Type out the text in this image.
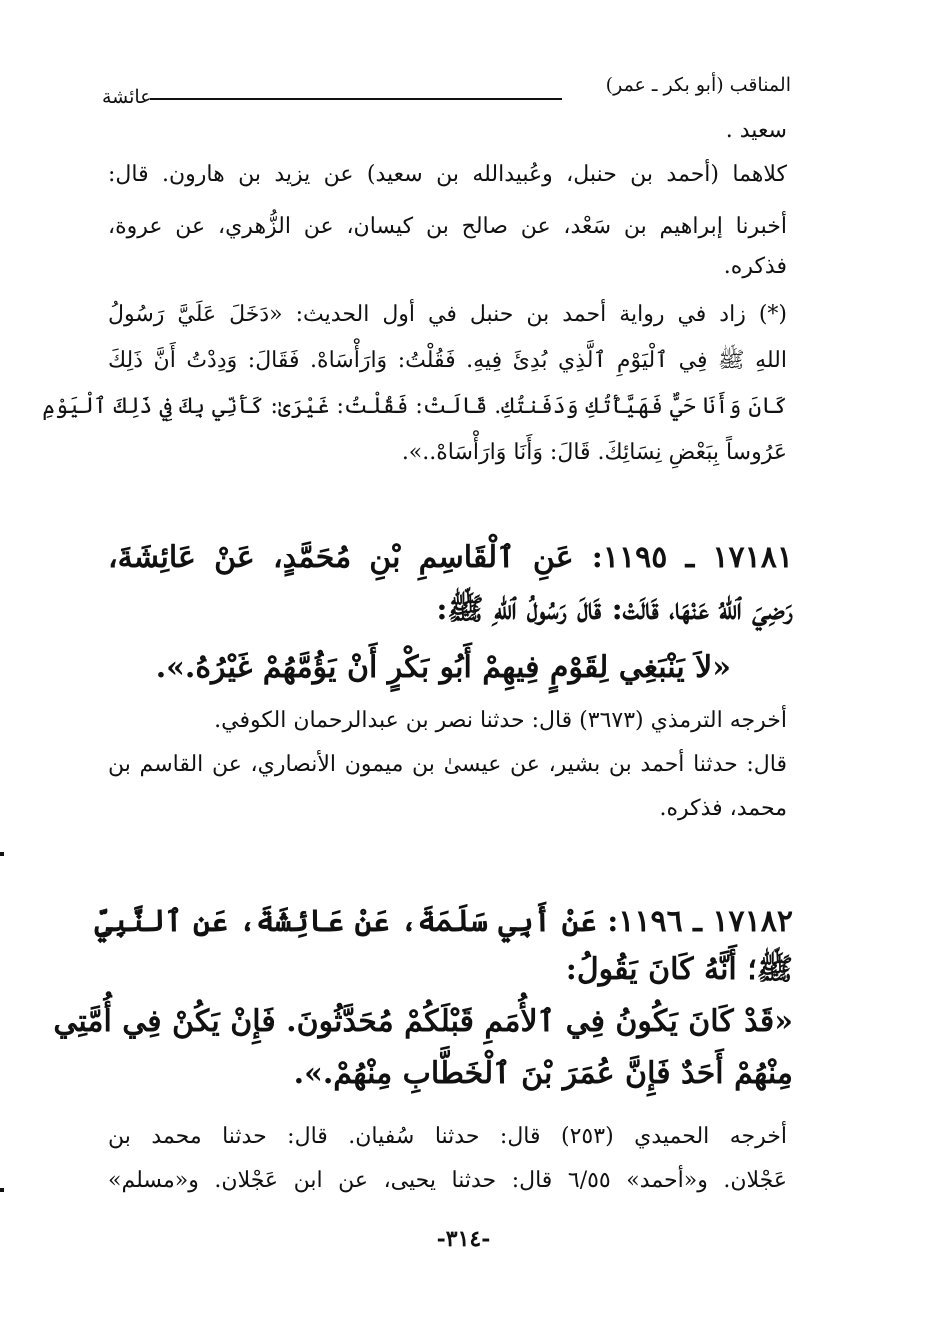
المناقب (أبو بكر ـ عمر)
عائشة
سعيد .
كلاهما (أحمد بن حنبل، وعُبيدالله بن سعيد) عن يزيد بن هارون. قال:
أخبرنا إبراهيم بن سَعْد، عن صالح بن كيسان، عن الزُّهري، عن عروة،
فذكره.
(*) زاد في رواية أحمد بن حنبل في أول الحديث: «دَخَلَ عَلَيَّ رَسُولُ
اللهِ ﷺ فِي ٱلْيَوْمِ ٱلَّذِي بُدِئَ فِيهِ. فَقُلْتُ: وَارَأْسَاهْ. فَقَالَ: وَدِدْتُ أَنَّ ذَلِكَ
كَانَ وَأَنَا حَيٌّ فَهَيَّأْتُكِ وَدَفَنتُكِ. قَالَتْ: فَقُلْتُ: غَيْرَىٰ: كَأَنِّي بِكَ فِي ذَلِكَ ٱلْيَوْمِ
عَرُوساً بِبَعْضِ نِسَائِكَ. قَالَ: وَأَنَا وَارَأْسَاهْ..».
١٧١٨١ ـ ١١٩٥: عَنِ ٱلْقَاسِمِ بْنِ مُحَمَّدٍ، عَنْ عَائِشَةَ،
رَضِيَ ٱللهُ عَنْهَا، قَالَتْ: قَالَ رَسُولُ ٱللهِ ﷺ:
«لاَ يَنْبَغِي لِقَوْمٍ فِيهِمْ أَبُو بَكْرٍ أَنْ يَؤُمَّهُمْ غَيْرُهُ.».
أخرجه الترمذي (٣٦٧٣) قال: حدثنا نصر بن عبدالرحمان الكوفي.
قال: حدثنا أحمد بن بشير، عن عيسىٰ بن ميمون الأنصاري، عن القاسم بن
محمد، فذكره.
١٧١٨٢ ـ ١١٩٦: عَنْ أَبِي سَلَمَةَ، عَنْ عَائِشَةَ، عَنِ ٱلنَّبِيِّ
ﷺ؛ أَنَّهُ كَانَ يَقُولُ:
«قَدْ كَانَ يَكُونُ فِي ٱلأُمَمِ قَبْلَكُمْ مُحَدَّثُونَ. فَإِنْ يَكُنْ فِي أُمَّتِي
مِنْهُمْ أَحَدٌ فَإِنَّ عُمَرَ بْنَ ٱلْخَطَّابِ مِنْهُمْ.».
أخرجه الحميدي (٢٥٣) قال: حدثنا سُفيان. قال: حدثنا محمد بن
عَجْلان. و«أحمد» ٦/٥٥ قال: حدثنا يحيى، عن ابن عَجْلان. و«مسلم»
-٣١٤-
